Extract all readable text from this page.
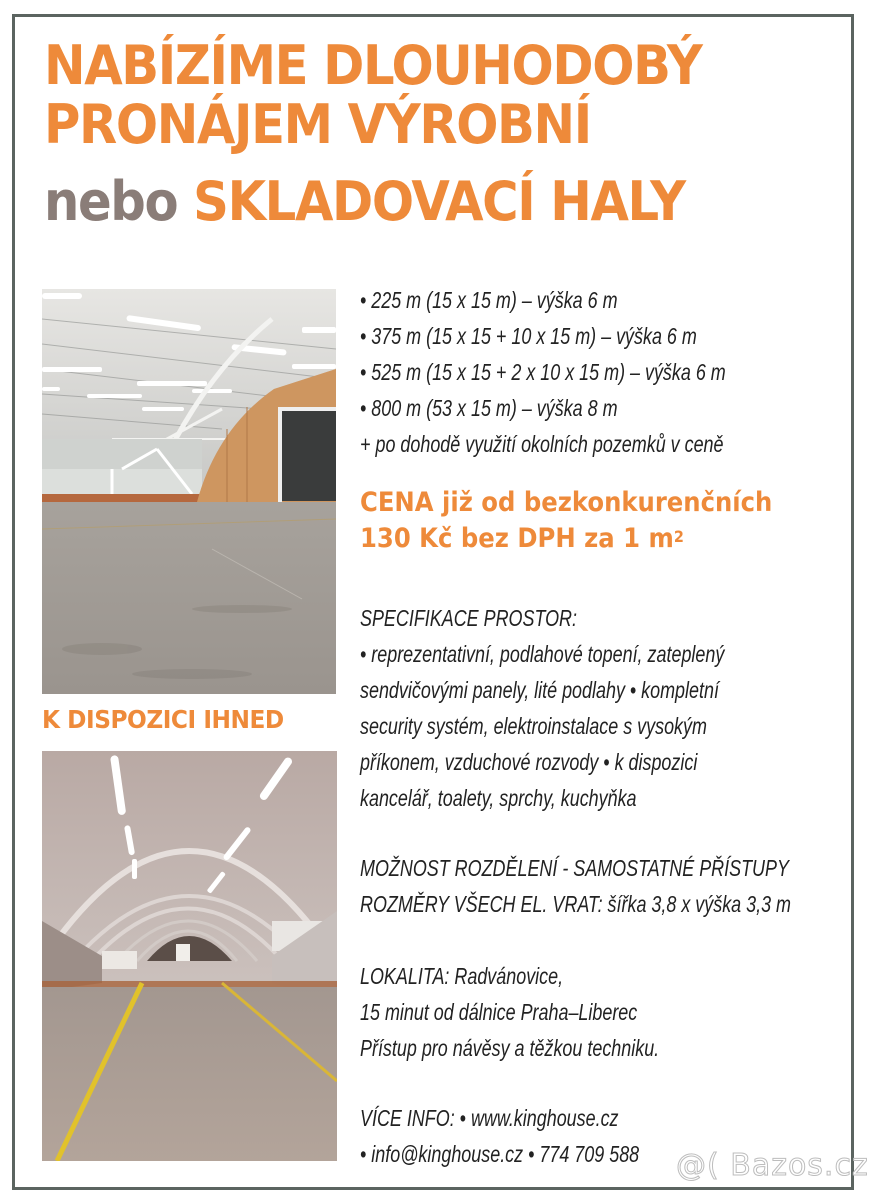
NABÍZÍME DLOUHODOBÝ
PRONÁJEM VÝROBNÍ
nebo SKLADOVACÍ HALY
K DISPOZICI IHNED
• 225 m (15 x 15 m) – výška 6 m
• 375 m (15 x 15 + 10 x 15 m) – výška 6 m
• 525 m (15 x 15 + 2 x 10 x 15 m) – výška 6 m
• 800 m (53 x 15 m) – výška 8 m
+ po dohodě využití okolních pozemků v ceně
CENA již od bezkonkurenčních
130 Kč bez DPH za 1 $m^2$
SPECIFIKACE PROSTOR:
• reprezentativní, podlahové topení, zateplený
sendvičovými panely, lité podlahy • kompletní
security systém, elektroinstalace s vysokým
příkonem, vzduchové rozvody • k dispozici
kancelář, toalety, sprchy, kuchyňka
MOŽNOST ROZDĚLENÍ - SAMOSTATNÉ PŘÍSTUPY
ROZMĚRY VŠECH EL. VRAT: šířka 3,8 x výška 3,3 m
LOKALITA: Radvánovice,
15 minut od dálnice Praha–Liberec
Přístup pro návěsy a těžkou techniku.
VÍCE INFO: • www.kinghouse.cz
• info@kinghouse.cz • 774 709 588 @( Bazos.cz
